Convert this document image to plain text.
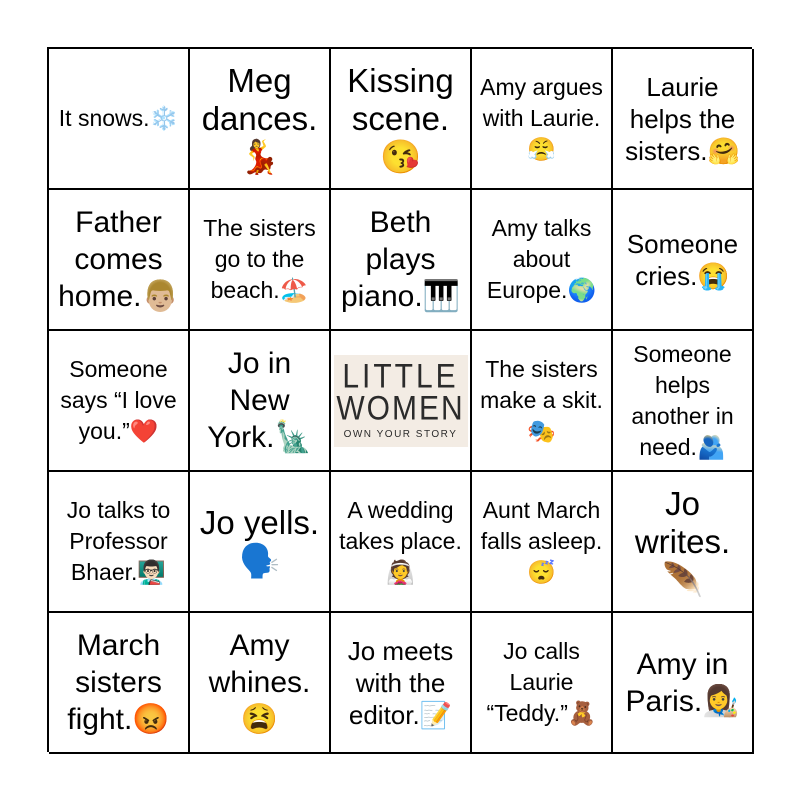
It snows.❄️
Meg dances.💃
Kissing scene.😘
Amy argues with Laurie.😤
Laurie helps the sisters.🤗
Father comes home.👨🏼
The sisters go to the beach.🏖️
Beth plays piano.🎹
Amy talks about Europe.🌍
Someone cries.😭
Someone says “I love you.”❤️
Jo in New York.🗽
LITTLE
WOMEN
OWN YOUR STORY
The sisters make a skit.🎭
Someone helps another in need.🫂
Jo talks to Professor Bhaer.👨🏻‍🏫
Jo yells.🗣️
A wedding takes place.👰
Aunt March falls asleep.😴
Jo writes.🪶
March sisters fight.😡
Amy whines.😫
Jo meets with the editor.📝
Jo calls Laurie “Teddy.”🧸
Amy in Paris.👩‍🎨
